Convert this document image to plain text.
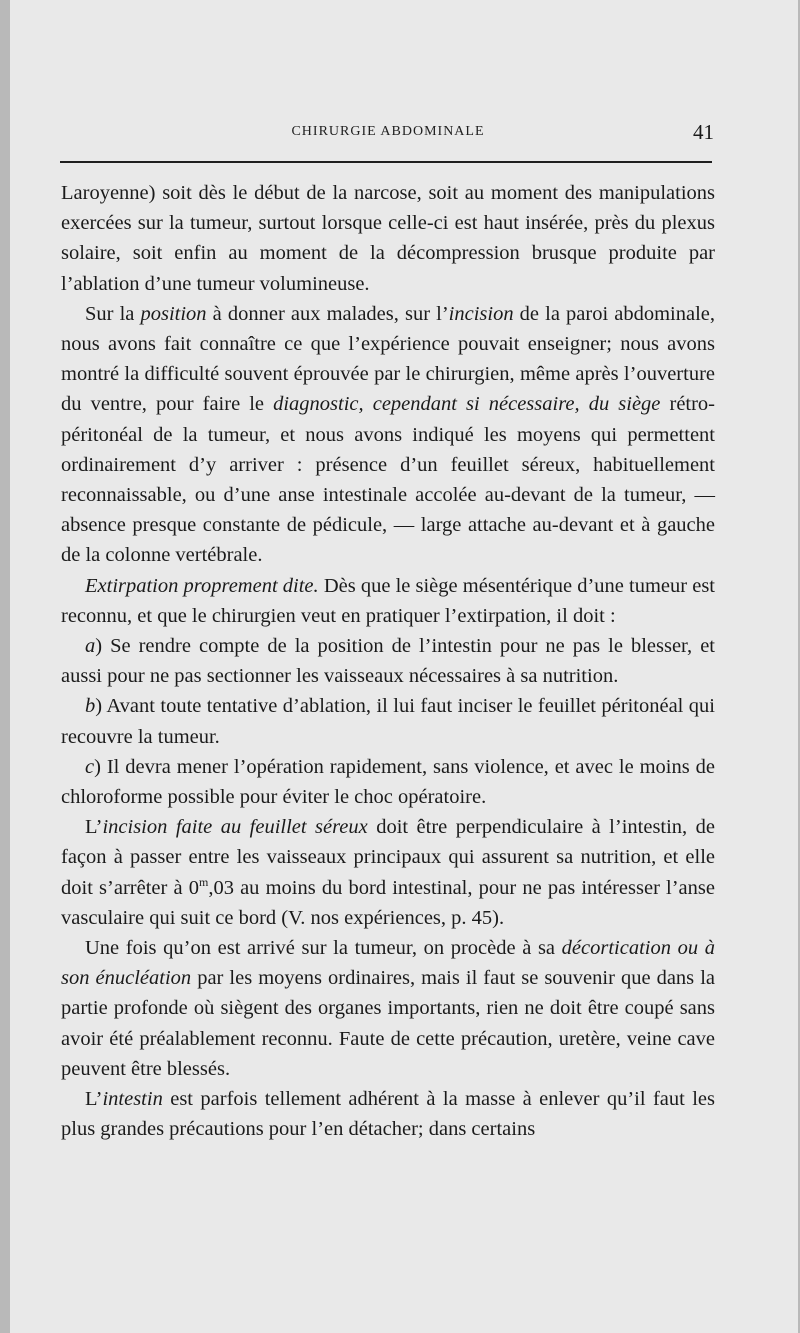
CHIRURGIE ABDOMINALE	41

Laroyenne) soit dès le début de la narcose, soit au moment des manipulations exercées sur la tumeur, surtout lorsque celle-ci est haut insérée, près du plexus solaire, soit enfin au moment de la décompression brusque produite par l’ablation d’une tumeur volumineuse.

Sur la position à donner aux malades, sur l’incision de la paroi abdominale, nous avons fait connaître ce que l’expérience pouvait enseigner; nous avons montré la difficulté souvent éprouvée par le chirurgien, même après l’ouverture du ventre, pour faire le diagnostic, cependant si nécessaire, du siège rétro-péritonéal de la tumeur, et nous avons indiqué les moyens qui permettent ordinairement d’y arriver : présence d’un feuillet séreux, habituellement reconnaissable, ou d’une anse intestinale accolée au-devant de la tumeur, — absence presque constante de pédicule, — large attache au-devant et à gauche de la colonne vertébrale.

Extirpation proprement dite. Dès que le siège mésentérique d’une tumeur est reconnu, et que le chirurgien veut en pratiquer l’extirpation, il doit :

a) Se rendre compte de la position de l’intestin pour ne pas le blesser, et aussi pour ne pas sectionner les vaisseaux nécessaires à sa nutrition.

b) Avant toute tentative d’ablation, il lui faut inciser le feuillet péritonéal qui recouvre la tumeur.

c) Il devra mener l’opération rapidement, sans violence, et avec le moins de chloroforme possible pour éviter le choc opératoire.

L’incision faite au feuillet séreux doit être perpendiculaire à l’intestin, de façon à passer entre les vaisseaux principaux qui assurent sa nutrition, et elle doit s’arrêter à 0$^m$,03 au moins du bord intestinal, pour ne pas intéresser l’anse vasculaire qui suit ce bord (V. nos expériences, p. 45).

Une fois qu’on est arrivé sur la tumeur, on procède à sa décortication ou à son énucléation par les moyens ordinaires, mais il faut se souvenir que dans la partie profonde où siègent des organes importants, rien ne doit être coupé sans avoir été préalablement reconnu. Faute de cette précaution, uretère, veine cave peuvent être blessés.

L’intestin est parfois tellement adhérent à la masse à enlever qu’il faut les plus grandes précautions pour l’en détacher; dans certains
